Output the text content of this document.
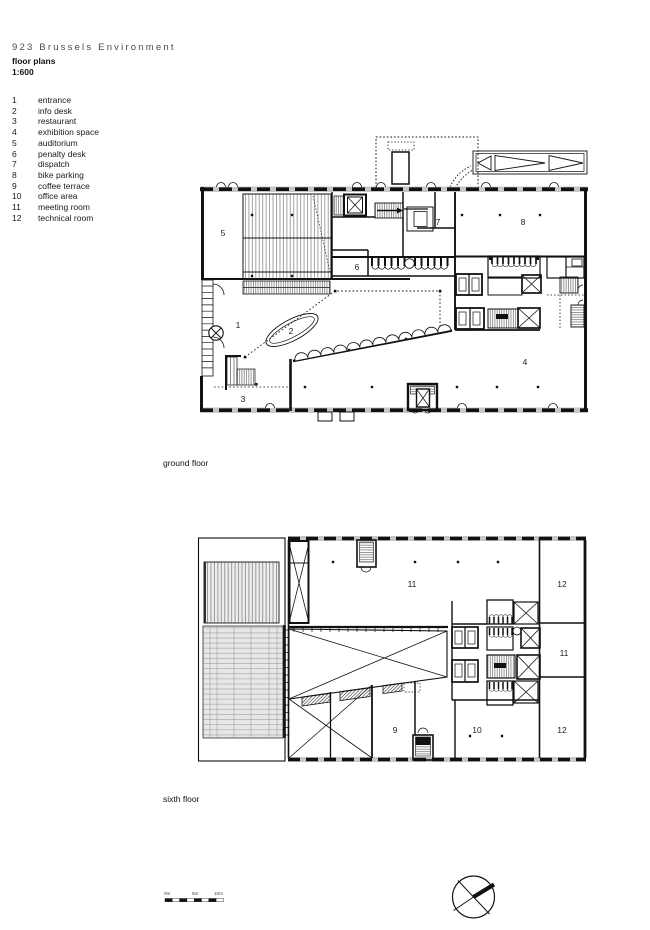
923 Brussels Environment
floor plans
1:600
1	entrance
2	info desk
3	restaurant
4	exhibition space
5	auditorium
6	penalty desk
7	dispatch
8	bike parking
9	coffee terrace
10	office area
11	meeting room
12	technical room
ground floor
sixth floor
5
7	8
6
1
2
3
4
11	12
11
9	10	12
0m	5m	10m
